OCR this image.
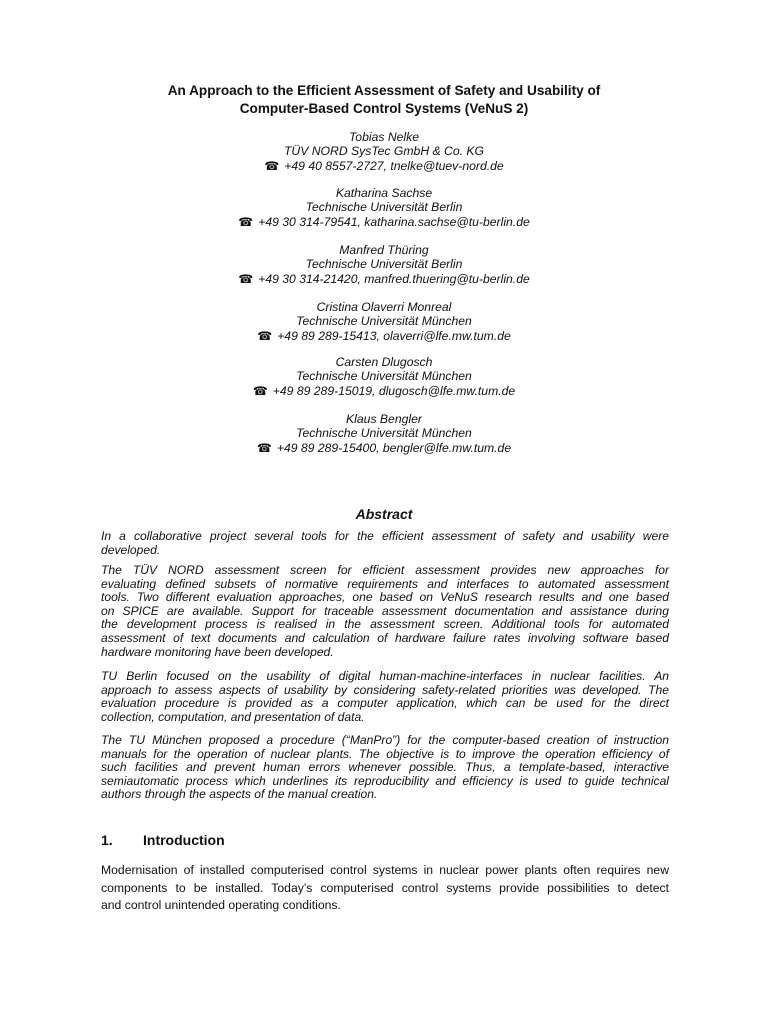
An Approach to the Efficient Assessment of Safety and Usability of
Computer-Based Control Systems (VeNuS 2)
Tobias Nelke
TÜV NORD SysTec GmbH & Co. KG
☎ +49 40 8557-2727, tnelke@tuev-nord.de
Katharina Sachse
Technische Universität Berlin
☎ +49 30 314-79541, katharina.sachse@tu-berlin.de
Manfred Thüring
Technische Universität Berlin
☎ +49 30 314-21420, manfred.thuering@tu-berlin.de
Cristina Olaverri Monreal
Technische Universität München
☎ +49 89 289-15413, olaverri@lfe.mw.tum.de
Carsten Dlugosch
Technische Universität München
☎ +49 89 289-15019, dlugosch@lfe.mw.tum.de
Klaus Bengler
Technische Universität München
☎ +49 89 289-15400, bengler@lfe.mw.tum.de
Abstract
In a collaborative project several tools for the efficient assessment of safety and usability were
developed.
The TÜV NORD assessment screen for efficient assessment provides new approaches for
evaluating defined subsets of normative requirements and interfaces to automated assessment
tools. Two different evaluation approaches, one based on VeNuS research results and one based
on SPICE are available. Support for traceable assessment documentation and assistance during
the development process is realised in the assessment screen. Additional tools for automated
assessment of text documents and calculation of hardware failure rates involving software based
hardware monitoring have been developed.
TU Berlin focused on the usability of digital human-machine-interfaces in nuclear facilities. An
approach to assess aspects of usability by considering safety-related priorities was developed. The
evaluation procedure is provided as a computer application, which can be used for the direct
collection, computation, and presentation of data.
The TU München proposed a procedure (“ManPro”) for the computer-based creation of instruction
manuals for the operation of nuclear plants. The objective is to improve the operation efficiency of
such facilities and prevent human errors whenever possible. Thus, a template-based, interactive
semiautomatic process which underlines its reproducibility and efficiency is used to guide technical
authors through the aspects of the manual creation.
1. Introduction
Modernisation of installed computerised control systems in nuclear power plants often requires new
components to be installed. Today’s computerised control systems provide possibilities to detect
and control unintended operating conditions.
